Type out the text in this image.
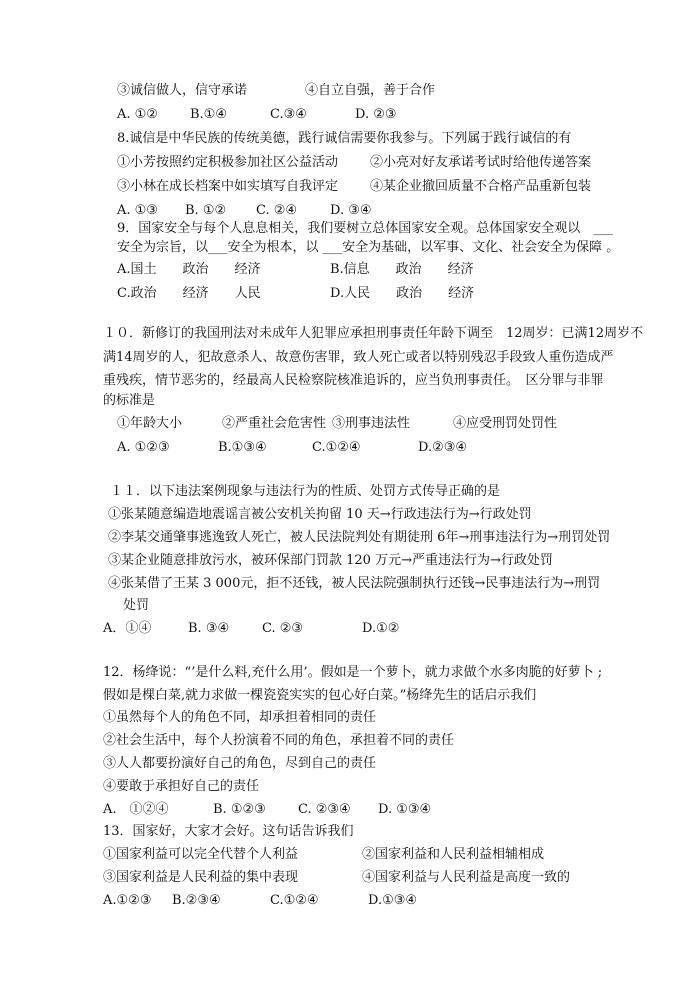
③诚信做人，信守承诺	④自立自强，善于合作
A. ①② B.①④	C.③④	D. ②③
8.诚信是中华民族的传统美德，践行诚信需要你我参与。下列属于践行诚信的有
①小芳按照约定积极参加社区公益活动 ②小亮对好友承诺考试时给他传递答案
③小林在成长档案中如实填写自我评定 ④某企业撤回质量不合格产品重新包装
A. ①③ B. ①② C. ②④	D. ③④
9．国家安全与每个人息息相关，我们要树立总体国家安全观。总体国家安全观以　___
安全为宗旨，以___安全为根本，以 ___安全为基础，以军事、文化、社会安全为保障 。
A.国土　　政治　　经济	B.信息　　政治　　经济
C.政治　　经济　　人民	D.人民　　政治　　经济
１０．新修订的我国刑法对未成年人犯罪应承担刑事责任年龄下调至　12周岁：已满12周岁不
满14周岁的人，犯故意杀人、故意伤害罪，致人死亡或者以特别残忍手段致人重伤造成严
重残疾，情节恶劣的，经最高人民检察院核准追诉的，应当负刑事责任。　区分罪与非罪
的标准是
①年龄大小	②严重社会危害性 ③刑事违法性	④应受刑罚处罚性
A. ①②③	B.①③④	C.①②④	D.②③④
１１．以下违法案例现象与违法行为的性质、处罚方式传导正确的是
①张某随意编造地震谣言被公安机关拘留 10 天→行政违法行为→行政处罚
②李某交通肇事逃逸致人死亡，被人民法院判处有期徒刑 6年→刑事违法行为→刑罚处罚
③某企业随意排放污水，被环保部门罚款 120 万元→严重违法行为→行政处罚
④张某借了王某 3 000元，拒不还钱，被人民法院强制执行还钱→民事违法行为→刑罚
处罚
A．①④	B. ③④	C. ②③	D.①②
12．杨绛说：“’是什么料,充什么用’。假如是一个萝卜，就力求做个水多肉脆的好萝卜 ;
假如是棵白菜,就力求做一棵瓷瓷实实的包心好白菜。”杨绛先生的话启示我们
①虽然每个人的角色不同，却承担着相同的责任
②社会生活中，每个人扮演着不同的角色，承担着不同的责任
③人人都要扮演好自己的角色，尽到自己的责任
④要敢于承担好自己的责任
A.　①②④	B. ①②③ C. ②③④ D. ①③④
13．国家好，大家才会好。这句话告诉我们
①国家利益可以完全代替个人利益	②国家利益和人民利益相辅相成
③国家利益是人民利益的集中表现	④国家利益与人民利益是高度一致的
A.①②③ B.②③④	C.①②④	D.①③④
